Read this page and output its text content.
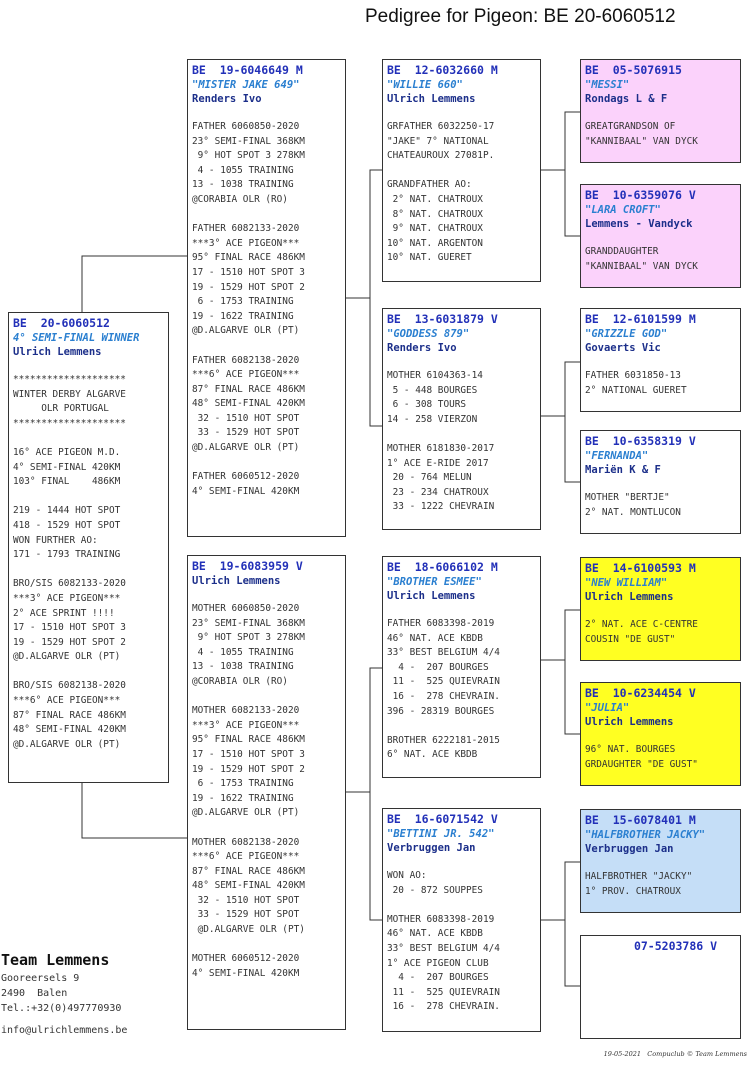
Pedigree for Pigeon: BE 20-6060512
BE  20-6060512
4° SEMI-FINAL WINNER
Ulrich Lemmens
********************
WINTER DERBY ALGARVE
OLR PORTUGAL
********************
16° ACE PIGEON M.D.
4° SEMI-FINAL 420KM
103° FINAL    486KM
219 - 1444 HOT SPOT
418 - 1529 HOT SPOT
WON FURTHER AO:
171 - 1793 TRAINING
BRO/SIS 6082133-2020
***3° ACE PIGEON***
2° ACE SPRINT !!!!
17 - 1510 HOT SPOT 3
19 - 1529 HOT SPOT 2
@D.ALGARVE OLR (PT)
BRO/SIS 6082138-2020
***6° ACE PIGEON***
87° FINAL RACE 486KM
48° SEMI-FINAL 420KM
@D.ALGARVE OLR (PT)
BE  19-6046649 M
"MISTER JAKE 649"
Renders Ivo
FATHER 6060850-2020
23° SEMI-FINAL 368KM
9° HOT SPOT 3 278KM
4 - 1055 TRAINING
13 - 1038 TRAINING
@CORABIA OLR (RO)
FATHER 6082133-2020
***3° ACE PIGEON***
95° FINAL RACE 486KM
17 - 1510 HOT SPOT 3
19 - 1529 HOT SPOT 2
6 - 1753 TRAINING
19 - 1622 TRAINING
@D.ALGARVE OLR (PT)
FATHER 6082138-2020
***6° ACE PIGEON***
87° FINAL RACE 486KM
48° SEMI-FINAL 420KM
32 - 1510 HOT SPOT
33 - 1529 HOT SPOT
@D.ALGARVE OLR (PT)
FATHER 6060512-2020
4° SEMI-FINAL 420KM
BE  19-6083959 V
Ulrich Lemmens
MOTHER 6060850-2020
23° SEMI-FINAL 368KM
9° HOT SPOT 3 278KM
4 - 1055 TRAINING
13 - 1038 TRAINING
@CORABIA OLR (RO)
MOTHER 6082133-2020
***3° ACE PIGEON***
95° FINAL RACE 486KM
17 - 1510 HOT SPOT 3
19 - 1529 HOT SPOT 2
6 - 1753 TRAINING
19 - 1622 TRAINING
@D.ALGARVE OLR (PT)
MOTHER 6082138-2020
***6° ACE PIGEON***
87° FINAL RACE 486KM
48° SEMI-FINAL 420KM
32 - 1510 HOT SPOT
33 - 1529 HOT SPOT
@D.ALGARVE OLR (PT)
MOTHER 6060512-2020
4° SEMI-FINAL 420KM
BE  12-6032660 M
"WILLIE 660"
Ulrich Lemmens
GRFATHER 6032250-17
"JAKE" 7° NATIONAL
CHATEAUROUX 27081P.
GRANDFATHER AO:
2° NAT. CHATROUX
8° NAT. CHATROUX
9° NAT. CHATROUX
10° NAT. ARGENTON
10° NAT. GUERET
BE  13-6031879 V
"GODDESS 879"
Renders Ivo
MOTHER 6104363-14
5 - 448 BOURGES
6 - 308 TOURS
14 - 258 VIERZON
MOTHER 6181830-2017
1° ACE E-RIDE 2017
20 - 764 MELUN
23 - 234 CHATROUX
33 - 1222 CHEVRAIN
BE  18-6066102 M
"BROTHER ESMEE"
Ulrich Lemmens
FATHER 6083398-2019
46° NAT. ACE KBDB
33° BEST BELGIUM 4/4
4 -  207 BOURGES
11 -  525 QUIEVRAIN
16 -  278 CHEVRAIN.
396 - 28319 BOURGES
BROTHER 6222181-2015
6° NAT. ACE KBDB
BE  16-6071542 V
"BETTINI JR. 542"
Verbruggen Jan
WON AO:
20 - 872 SOUPPES
MOTHER 6083398-2019
46° NAT. ACE KBDB
33° BEST BELGIUM 4/4
1° ACE PIGEON CLUB
4 -  207 BOURGES
11 -  525 QUIEVRAIN
16 -  278 CHEVRAIN.
BE  05-5076915
"MESSI"
Rondags L & F
GREATGRANDSON OF
"KANNIBAAL" VAN DYCK
BE  10-6359076 V
"LARA CROFT"
Lemmens - Vandyck
GRANDDAUGHTER
"KANNIBAAL" VAN DYCK
BE  12-6101599 M
"GRIZZLE GOD"
Govaerts Vic
FATHER 6031850-13
2° NATIONAL GUERET
BE  10-6358319 V
"FERNANDA"
Mariën K & F
MOTHER "BERTJE"
2° NAT. MONTLUCON
BE  14-6100593 M
"NEW WILLIAM"
Ulrich Lemmens
2° NAT. ACE C-CENTRE
COUSIN "DE GUST"
BE  10-6234454 V
"JULIA"
Ulrich Lemmens
96° NAT. BOURGES
GRDAUGHTER "DE GUST"
BE  15-6078401 M
"HALFBROTHER JACKY"
Verbruggen Jan
HALFBROTHER "JACKY"
1° PROV. CHATROUX
07-5203786 V
Team Lemmens
Gooreersels 9
2490  Balen
Tel.:+32(0)497770930
info@ulrichlemmens.be
19-05-2021   Compuclub © Team Lemmens
